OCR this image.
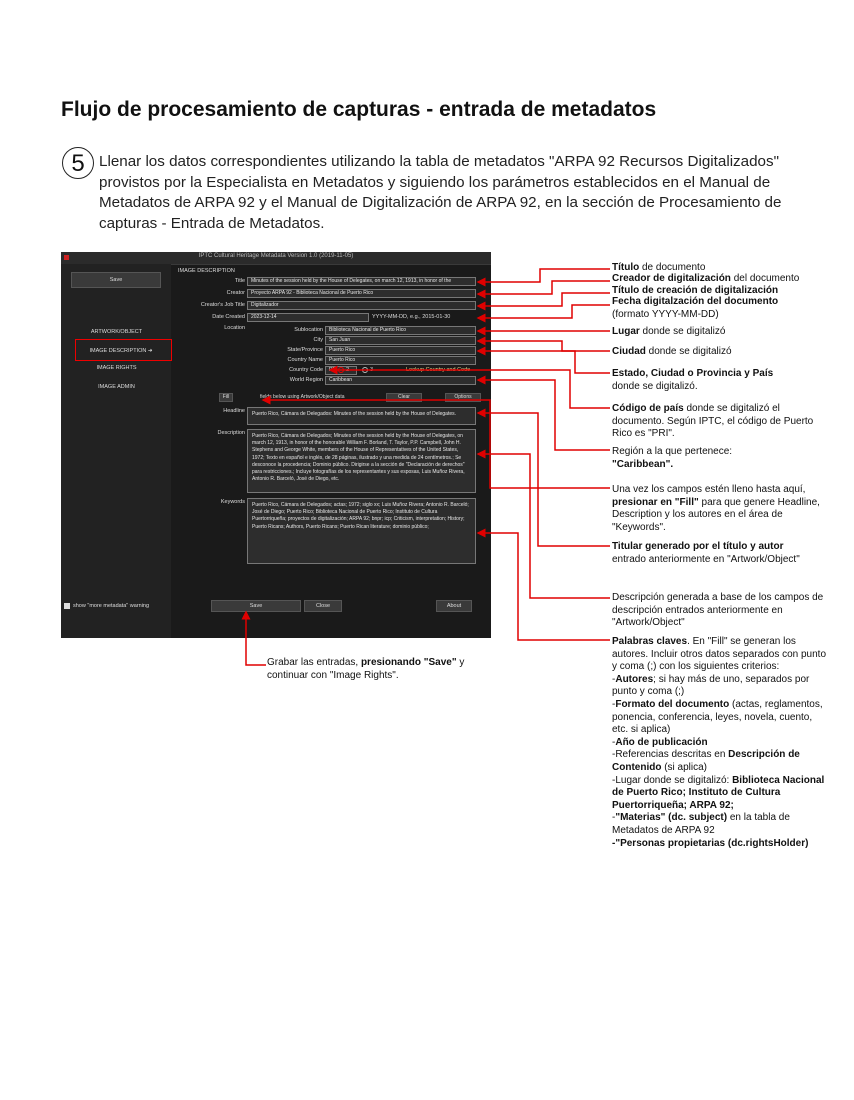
Flujo de procesamiento de capturas - entrada de metadatos
5 Llenar los datos correspondientes utilizando la tabla de metadatos "ARPA 92 Recursos Digitalizados" provistos por la Especialista en Metadatos y siguiendo los parámetros establecidos en el Manual de Metadatos de ARPA 92 y el Manual de Digitalización de ARPA 92, en la sección de Procesamiento de capturas - Entrada de Metadatos.
IPTC Cultural Heritage Metadata Version 1.0 (2019-11-05)
Save
ARTWORK/OBJECT
IMAGE DESCRIPTION ➜
IMAGE RIGHTS
IMAGE ADMIN
show "more metadata" warning
IMAGE DESCRIPTION
Title	Minutes of the session held by the House of Delegates, on march 12, 1913, in honor of the
Creator	Proyecto ARPA 92 - Biblioteca Nacional de Puerto Rico
Creator's Job Title	Digitalizador
Date Created	2023-12-14	YYYY-MM-DD, e.g., 2015-01-30
Location	Sublocation	Biblioteca Nacional de Puerto Rico
City	San Juan
State/Province	Puerto Rico
Country Name	Puerto Rico
Country Code	PRI	2	3	Lookup Country and Code
World Region	Caribbean
Fill	fields below using Artwork/Object data	Clear	Options
Headline	Puerto Rico, Cámara de Delegados: Minutes of the session held by the House of Delegates.
Description	Puerto Rico, Cámara de Delegados; Minutes of the session held by the House of Delegates, on march 12, 1913, in honor of the honorable William F. Borland, T. Taylor, P.P. Campbell, John H. Stephens and George White, members of the House of Representatives of the United States, 1972; Texto en español e inglés, de 28 páginas, ilustrado y una medida de 24 centímetros.; Se desconoce la procedencia; Dominio público. Dirigirse a la sección de "Declaración de derechos" para restricciones.; Incluye fotografías de los representantes y sus esposas, Luis Muñoz Rivera, Antonio R. Barceló, José de Diego, etc.
Keywords	Puerto Rico, Cámara de Delegados; actas; 1972; siglo xx; Luis Muñoz Rivera; Antonio R. Barceló; José de Diego; Puerto Rico; Biblioteca Nacional de Puerto Rico; Instituto de Cultura Puertorriqueña; proyectos de digitalización; ARPA 92; bnpr; icp; Criticism, interpretation; History; Puerto Ricans; Authors, Puerto Ricans; Puerto Rican literature; dominio público;
Save	Close	About
Título de documento
Creador de digitalización del documento
Título de creación de digitalización
Fecha digitalzación del documento
(formato YYYY-MM-DD)
Lugar donde se digitalizó
Ciudad donde se digitalizó
Estado, Ciudad o Provincia y País
donde se digitalizó.
Código de país donde se digitalizó el documento. Según IPTC, el código de Puerto Rico es "PRI".
Región a la que pertenece:
"Caribbean".
Una vez los campos estén lleno hasta aquí, presionar en "Fill" para que genere Headline, Description y los autores en el área de "Keywords".
Titular generado por el título y autor
entrado anteriormente en "Artwork/Object"
Descripción generada a base de los campos de descripción entrados anteriormente en "Artwork/Object"
Palabras claves. En "Fill" se generan los autores. Incluir otros datos separados con punto y coma (;) con los siguientes criterios:
-Autores; si hay más de uno, separados por punto y coma (;)
-Formato del documento (actas, reglamentos, ponencia, conferencia, leyes, novela, cuento, etc. si aplica)
-Año de publicación
-Referencias descritas en Descripción de Contenido (si aplica)
-Lugar donde se digitalizó: Biblioteca Nacional de Puerto Rico; Instituto de Cultura Puertorriqueña; ARPA 92;
-"Materias" (dc. subject) en la tabla de Metadatos de ARPA 92
-"Personas propietarias (dc.rightsHolder)
Grabar las entradas, presionando "Save" y continuar con "Image Rights".
